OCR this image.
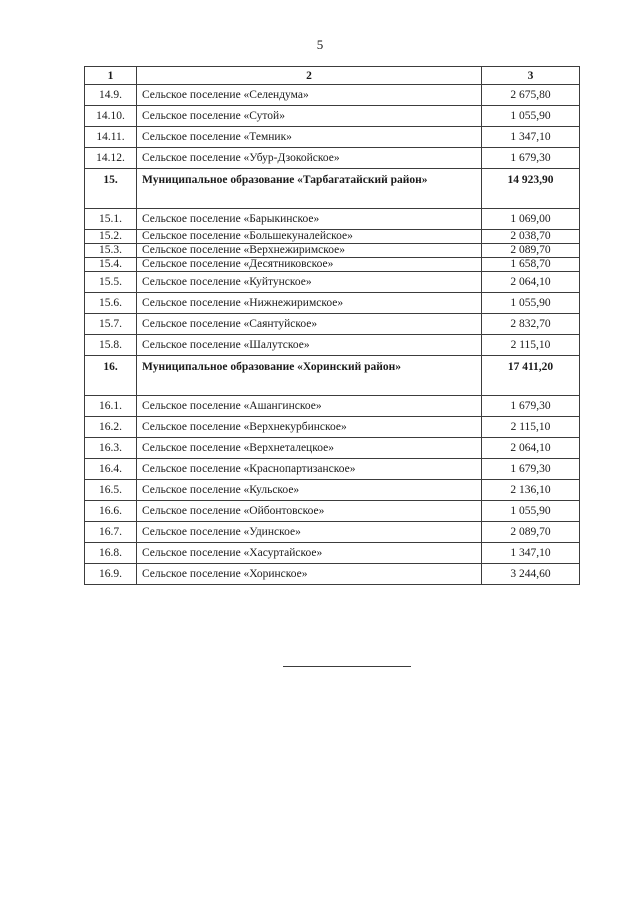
5
1	2	3
14.9.	Сельское поселение «Селендума»	2 675,80
14.10.	Сельское поселение «Сутой»	1 055,90
14.11.	Сельское поселение «Темник»	1 347,10
14.12.	Сельское поселение «Убур-Дзокойское»	1 679,30
15.	Муниципальное образование «Тарбагатайский район»	14 923,90
15.1.	Сельское поселение «Барыкинское»	1 069,00
15.2.	Сельское поселение «Большекуналейское»	2 038,70
15.3.	Сельское поселение «Верхнежиримское»	2 089,70
15.4.	Сельское поселение «Десятниковское»	1 658,70
15.5.	Сельское поселение «Куйтунское»	2 064,10
15.6.	Сельское поселение «Нижнежиримское»	1 055,90
15.7.	Сельское поселение «Саянтуйское»	2 832,70
15.8.	Сельское поселение «Шалутское»	2 115,10
16.	Муниципальное образование «Хоринский район»	17 411,20
16.1.	Сельское поселение «Ашангинское»	1 679,30
16.2.	Сельское поселение «Верхнекурбинское»	2 115,10
16.3.	Сельское поселение «Верхнеталецкое»	2 064,10
16.4.	Сельское поселение «Краснопартизанское»	1 679,30
16.5.	Сельское поселение «Кульское»	2 136,10
16.6.	Сельское поселение «Ойбонтовское»	1 055,90
16.7.	Сельское поселение «Удинское»	2 089,70
16.8.	Сельское поселение «Хасуртайское»	1 347,10
16.9.	Сельское поселение «Хоринское»	3 244,60
